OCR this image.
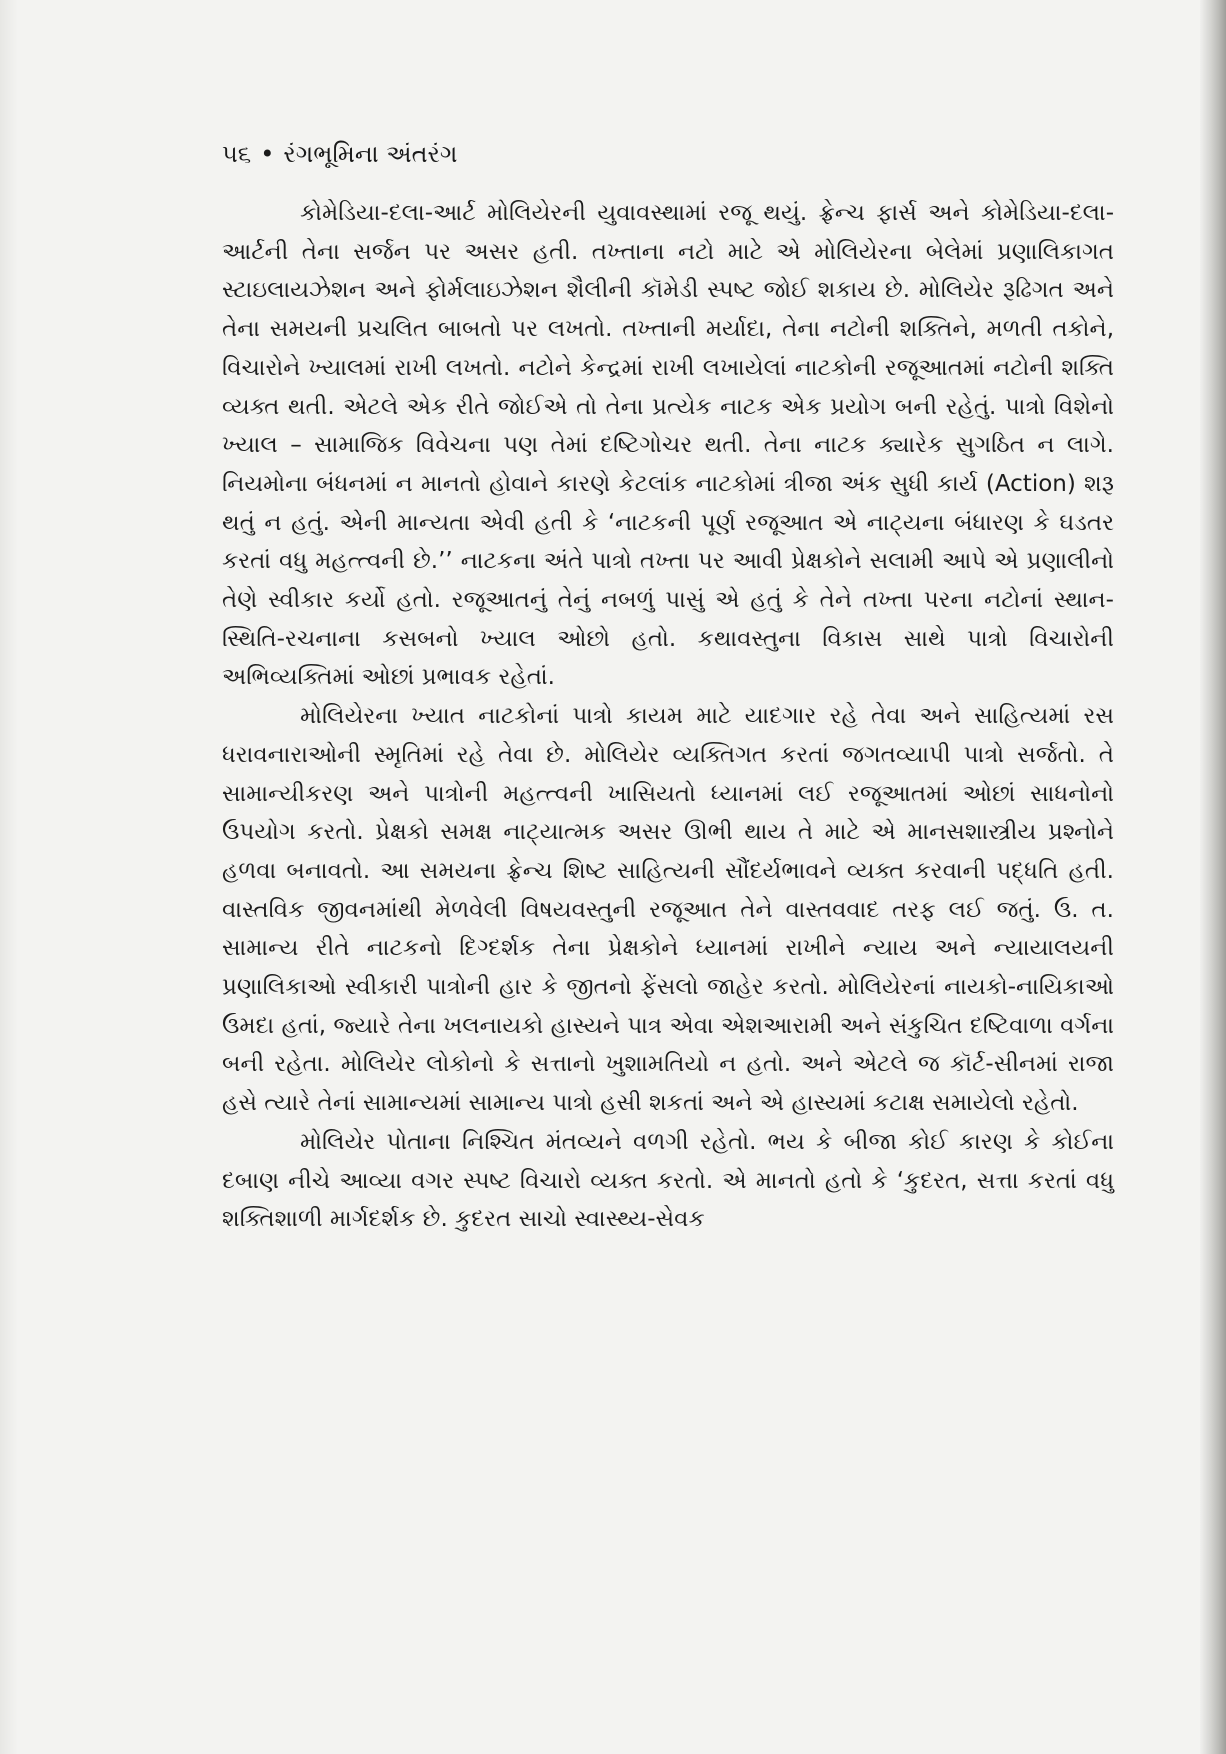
૫૬ • રંગભૂમિના અંતરંગ

કોમેડિયા-દલા-આર્ટ મોલિયેરની યુવાવસ્થામાં રજૂ થયું. ફ્રેન્ચ ફાર્સ અને કોમેડિયા-દલા-આર્ટની તેના સર્જન પર અસર હતી. તખ્તાના નટો માટે એ મોલિયેરના બેલેમાં પ્રણાલિકાગત સ્ટાઇલાયઝેશન અને ફોર્મલાઇઝેશન શૈલીની કૉમેડી સ્પષ્ટ જોઈ શકાય છે. મોલિયેર રૂઢિગત અને તેના સમયની પ્રચલિત બાબતો પર લખતો. તખ્તાની મર્યાદા, તેના નટોની શક્તિને, મળતી તકોને, વિચારોને ખ્યાલમાં રાખી લખતો. નટોને કેન્દ્રમાં રાખી લખાયેલાં નાટકોની રજૂઆતમાં નટોની શક્તિ વ્યક્ત થતી. એટલે એક રીતે જોઈએ તો તેના પ્રત્યેક નાટક એક પ્રયોગ બની રહેતું. પાત્રો વિશેનો ખ્યાલ – સામાજિક વિવેચના પણ તેમાં દષ્ટિગોચર થતી. તેના નાટક ક્યારેક સુગઠિત ન લાગે. નિયમોના બંધનમાં ન માનતો હોવાને કારણે કેટલાંક નાટકોમાં ત્રીજા અંક સુધી કાર્ય (Action) શરૂ થતું ન હતું. એની માન્યતા એવી હતી કે ‘નાટકની પૂર્ણ રજૂઆત એ નાટ્યના બંધારણ કે ઘડતર કરતાં વધુ મહત્ત્વની છે.’’ નાટકના અંતે પાત્રો તખ્તા પર આવી પ્રેક્ષકોને સલામી આપે એ પ્રણાલીનો તેણે સ્વીકાર કર્યો હતો. રજૂઆતનું તેનું નબળું પાસું એ હતું કે તેને તખ્તા પરના નટોનાં સ્થાન-સ્થિતિ-રચનાના કસબનો ખ્યાલ ઓછો હતો. કથાવસ્તુના વિકાસ સાથે પાત્રો વિચારોની અભિવ્યક્તિમાં ઓછાં પ્રભાવક રહેતાં.

મોલિયેરના ખ્યાત નાટકોનાં પાત્રો કાયમ માટે યાદગાર રહે તેવા અને સાહિત્યમાં રસ ધરાવનારાઓની સ્મૃતિમાં રહે તેવા છે. મોલિયેર વ્યક્તિગત કરતાં જગતવ્યાપી પાત્રો સર્જતો. તે સામાન્યીકરણ અને પાત્રોની મહત્ત્વની ખાસિયતો ધ્યાનમાં લઈ રજૂઆતમાં ઓછાં સાધનોનો ઉપયોગ કરતો. પ્રેક્ષકો સમક્ષ નાટ્યાત્મક અસર ઊભી થાય તે માટે એ માનસશાસ્ત્રીય પ્રશ્નોને હળવા બનાવતો. આ સમયના ફ્રેન્ચ શિષ્ટ સાહિત્યની સૌંદર્યભાવને વ્યક્ત કરવાની પદ્ધતિ હતી. વાસ્તવિક જીવનમાંથી મેળવેલી વિષયવસ્તુની રજૂઆત તેને વાસ્તવવાદ તરફ લઈ જતું. ઉ. ત. સામાન્ય રીતે નાટકનો દિગ્દર્શક તેના પ્રેક્ષકોને ધ્યાનમાં રાખીને ન્યાય અને ન્યાયાલયની પ્રણાલિકાઓ સ્વીકારી પાત્રોની હાર કે જીતનો ફેંસલો જાહેર કરતો. મોલિયેરનાં નાયકો-નાયિકાઓ ઉમદા હતાં, જ્યારે તેના ખલનાયકો હાસ્યને પાત્ર એવા એશઆરામી અને સંકુચિત દષ્ટિવાળા વર્ગના બની રહેતા. મોલિયેર લોકોનો કે સત્તાનો ખુશામતિયો ન હતો. અને એટલે જ કૉર્ટ-સીનમાં રાજા હસે ત્યારે તેનાં સામાન્યમાં સામાન્ય પાત્રો હસી શકતાં અને એ હાસ્યમાં કટાક્ષ સમાયેલો રહેતો.

મોલિયેર પોતાના નિશ્ચિત મંતવ્યને વળગી રહેતો. ભય કે બીજા કોઈ કારણ કે કોઈના દબાણ નીચે આવ્યા વગર સ્પષ્ટ વિચારો વ્યક્ત કરતો. એ માનતો હતો કે ‘કુદરત, સત્તા કરતાં વધુ શક્તિશાળી માર્ગદર્શક છે. કુદરત સાચો સ્વાસ્થ્ય-સેવક
